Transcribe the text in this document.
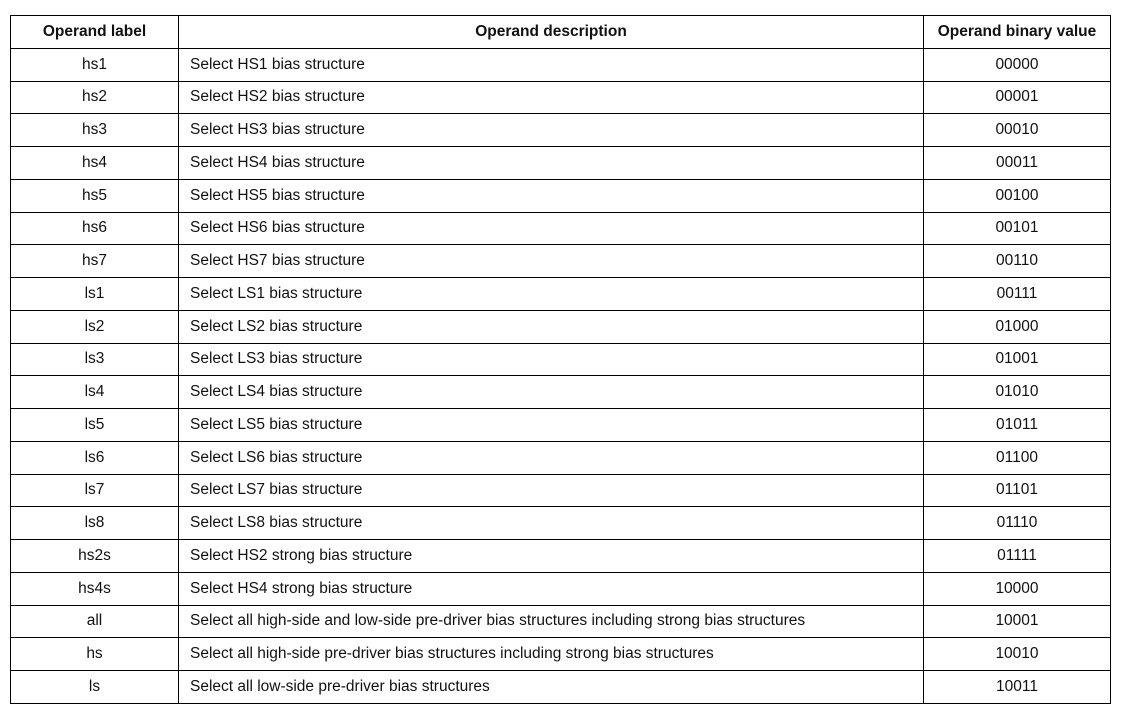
Operand label	Operand description	Operand binary value
hs1	Select HS1 bias structure	00000
hs2	Select HS2 bias structure	00001
hs3	Select HS3 bias structure	00010
hs4	Select HS4 bias structure	00011
hs5	Select HS5 bias structure	00100
hs6	Select HS6 bias structure	00101
hs7	Select HS7 bias structure	00110
ls1	Select LS1 bias structure	00111
ls2	Select LS2 bias structure	01000
ls3	Select LS3 bias structure	01001
ls4	Select LS4 bias structure	01010
ls5	Select LS5 bias structure	01011
ls6	Select LS6 bias structure	01100
ls7	Select LS7 bias structure	01101
ls8	Select LS8 bias structure	01110
hs2s	Select HS2 strong bias structure	01111
hs4s	Select HS4 strong bias structure	10000
all	Select all high-side and low-side pre-driver bias structures including strong bias structures	10001
hs	Select all high-side pre-driver bias structures including strong bias structures	10010
ls	Select all low-side pre-driver bias structures	10011
